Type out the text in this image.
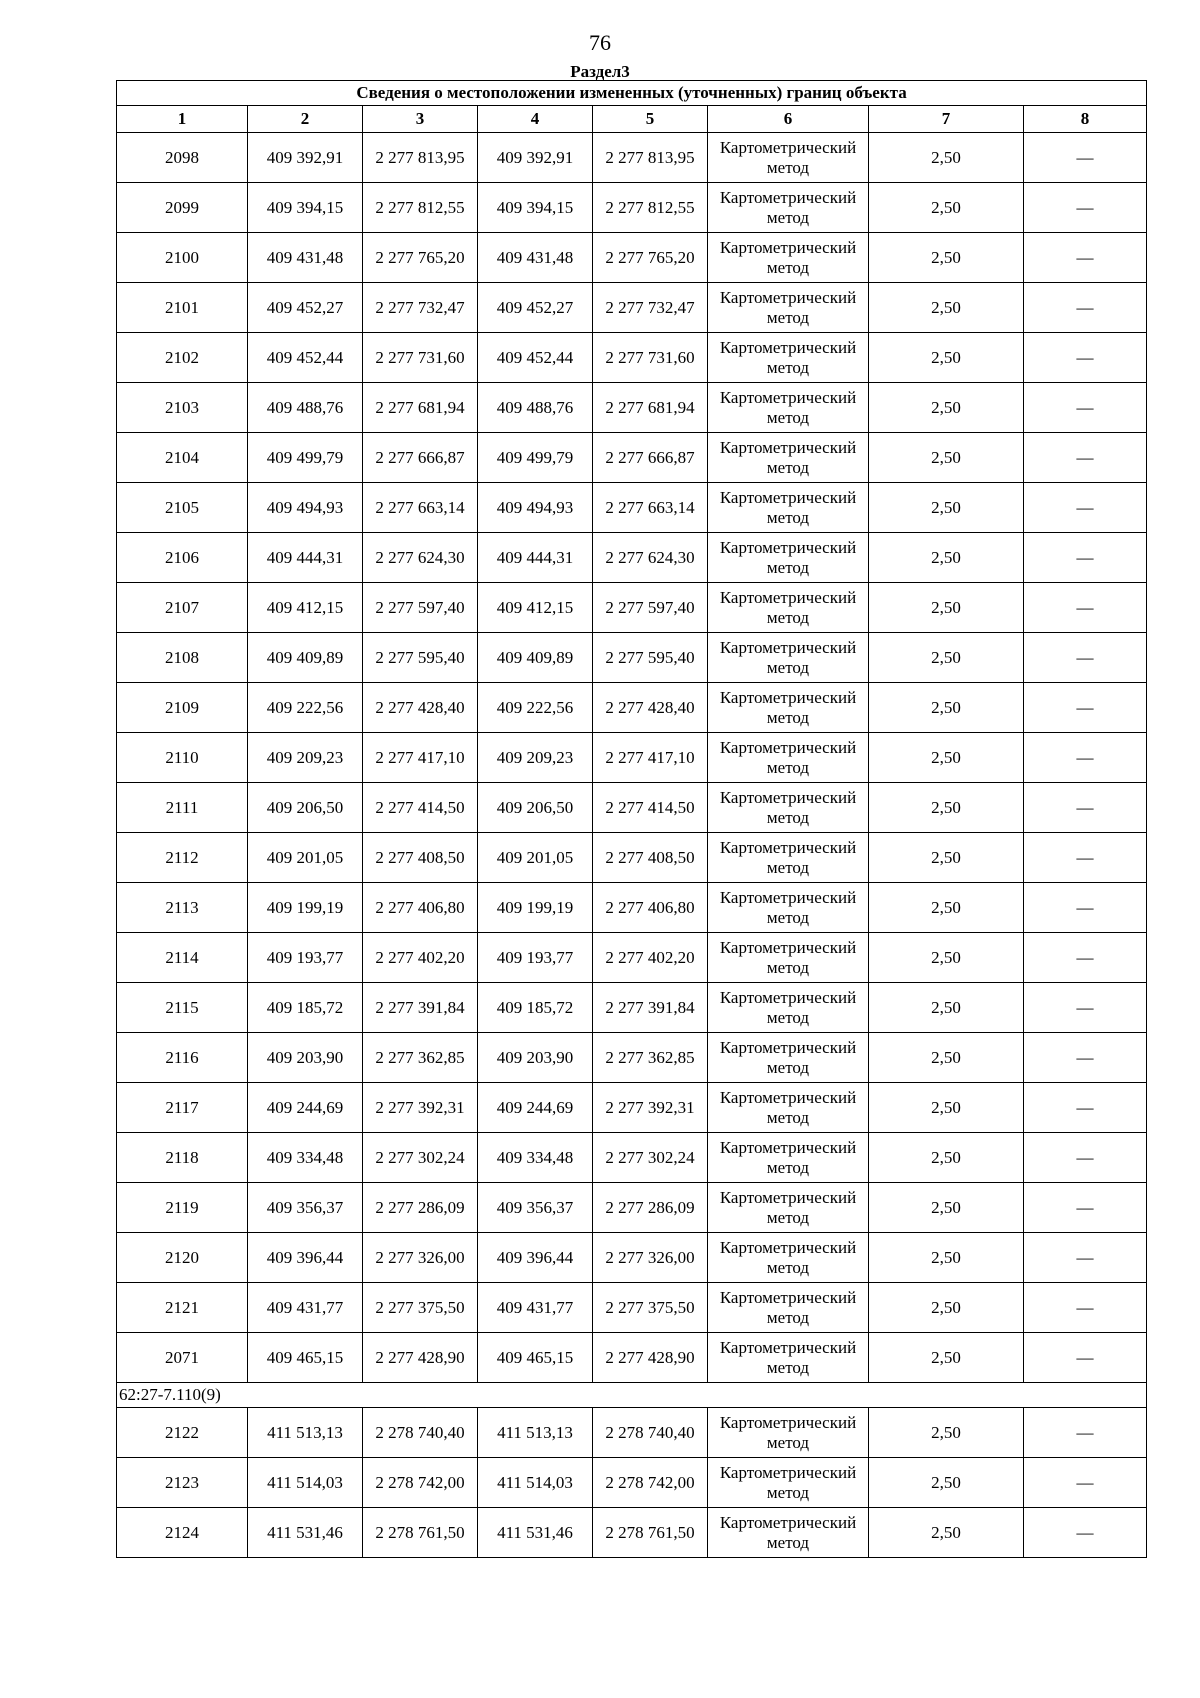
76
Раздел3
Сведения о местоположении измененных (уточненных) границ объекта							
1	2	3	4	5	6	7	8
2098	409 392,91	2 277 813,95	409 392,91	2 277 813,95	Картометрический метод	2,50	—
2099	409 394,15	2 277 812,55	409 394,15	2 277 812,55	Картометрический метод	2,50	—
2100	409 431,48	2 277 765,20	409 431,48	2 277 765,20	Картометрический метод	2,50	—
2101	409 452,27	2 277 732,47	409 452,27	2 277 732,47	Картометрический метод	2,50	—
2102	409 452,44	2 277 731,60	409 452,44	2 277 731,60	Картометрический метод	2,50	—
2103	409 488,76	2 277 681,94	409 488,76	2 277 681,94	Картометрический метод	2,50	—
2104	409 499,79	2 277 666,87	409 499,79	2 277 666,87	Картометрический метод	2,50	—
2105	409 494,93	2 277 663,14	409 494,93	2 277 663,14	Картометрический метод	2,50	—
2106	409 444,31	2 277 624,30	409 444,31	2 277 624,30	Картометрический метод	2,50	—
2107	409 412,15	2 277 597,40	409 412,15	2 277 597,40	Картометрический метод	2,50	—
2108	409 409,89	2 277 595,40	409 409,89	2 277 595,40	Картометрический метод	2,50	—
2109	409 222,56	2 277 428,40	409 222,56	2 277 428,40	Картометрический метод	2,50	—
2110	409 209,23	2 277 417,10	409 209,23	2 277 417,10	Картометрический метод	2,50	—
2111	409 206,50	2 277 414,50	409 206,50	2 277 414,50	Картометрический метод	2,50	—
2112	409 201,05	2 277 408,50	409 201,05	2 277 408,50	Картометрический метод	2,50	—
2113	409 199,19	2 277 406,80	409 199,19	2 277 406,80	Картометрический метод	2,50	—
2114	409 193,77	2 277 402,20	409 193,77	2 277 402,20	Картометрический метод	2,50	—
2115	409 185,72	2 277 391,84	409 185,72	2 277 391,84	Картометрический метод	2,50	—
2116	409 203,90	2 277 362,85	409 203,90	2 277 362,85	Картометрический метод	2,50	—
2117	409 244,69	2 277 392,31	409 244,69	2 277 392,31	Картометрический метод	2,50	—
2118	409 334,48	2 277 302,24	409 334,48	2 277 302,24	Картометрический метод	2,50	—
2119	409 356,37	2 277 286,09	409 356,37	2 277 286,09	Картометрический метод	2,50	—
2120	409 396,44	2 277 326,00	409 396,44	2 277 326,00	Картометрический метод	2,50	—
2121	409 431,77	2 277 375,50	409 431,77	2 277 375,50	Картометрический метод	2,50	—
2071	409 465,15	2 277 428,90	409 465,15	2 277 428,90	Картометрический метод	2,50	—
62:27-7.110(9)							
2122	411 513,13	2 278 740,40	411 513,13	2 278 740,40	Картометрический метод	2,50	—
2123	411 514,03	2 278 742,00	411 514,03	2 278 742,00	Картометрический метод	2,50	—
2124	411 531,46	2 278 761,50	411 531,46	2 278 761,50	Картометрический метод	2,50	—
